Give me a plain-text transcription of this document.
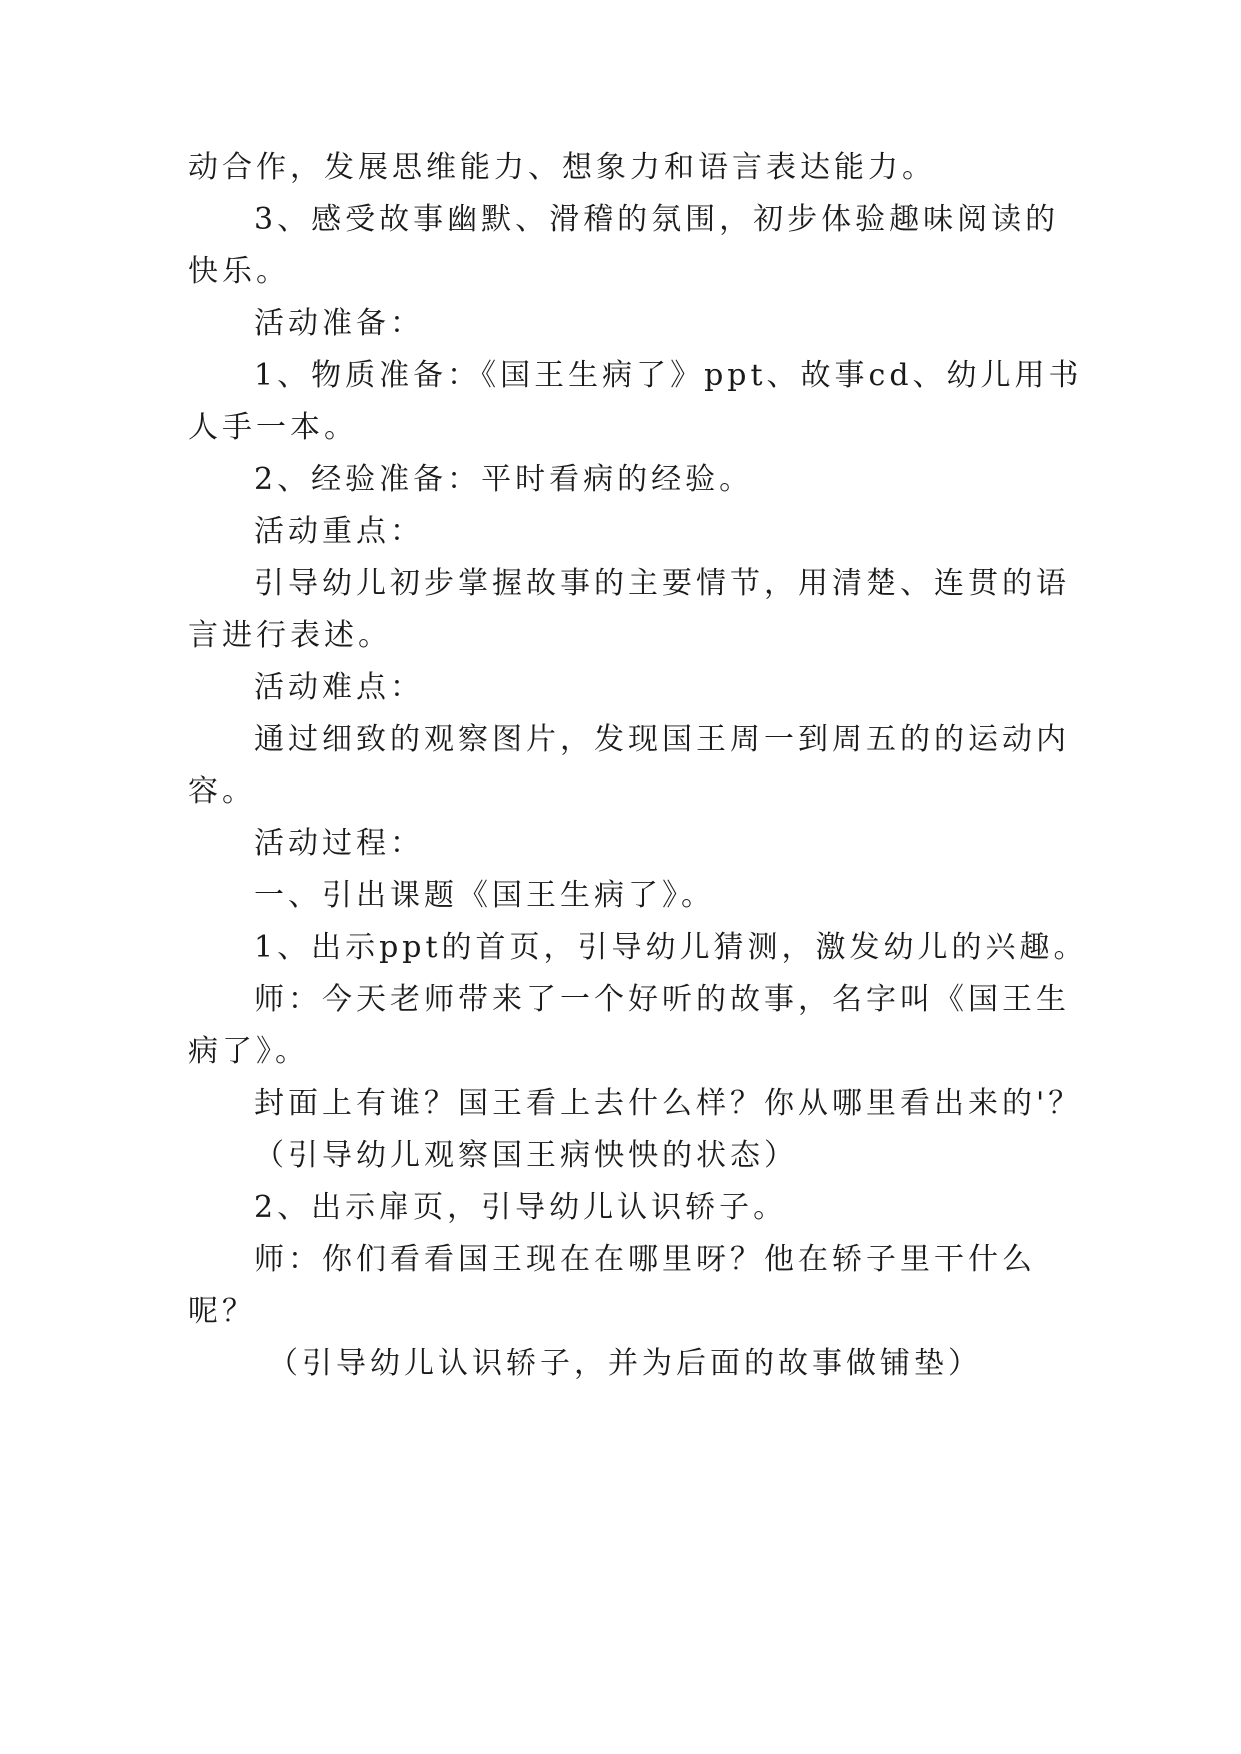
动合作，发展思维能力、想象力和语言表达能力。
3、感受故事幽默、滑稽的氛围，初步体验趣味阅读的
快乐。
活动准备：
1、物质准备：《国王生病了》ppt、故事cd、幼儿用书
人手一本。
2、经验准备：平时看病的经验。
活动重点：
引导幼儿初步掌握故事的主要情节，用清楚、连贯的语
言进行表述。
活动难点：
通过细致的观察图片，发现国王周一到周五的的运动内
容。
活动过程：
一、引出课题《国王生病了》。
1、出示ppt的首页，引导幼儿猜测，激发幼儿的兴趣。
师：今天老师带来了一个好听的故事，名字叫《国王生
病了》。
封面上有谁？国王看上去什么样？你从哪里看出来的'？
（引导幼儿观察国王病怏怏的状态）
2、出示扉页，引导幼儿认识轿子。
师：你们看看国王现在在哪里呀？他在轿子里干什么
呢？
（引导幼儿认识轿子，并为后面的故事做铺垫）
